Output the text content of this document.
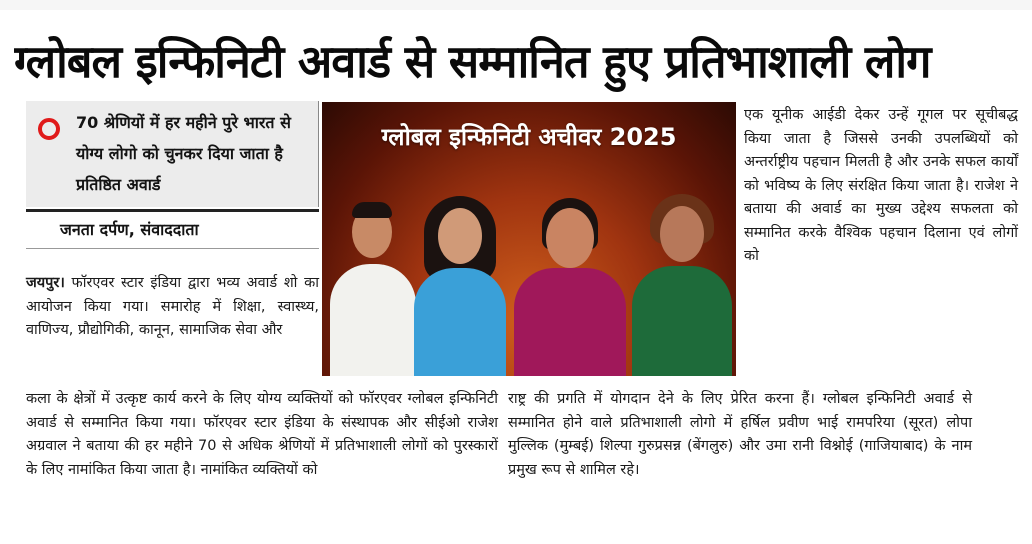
ग्लोबल इन्फिनिटी अवार्ड से सम्मानित हुए प्रतिभाशाली लोग
70 श्रेणियों में हर महीने पुरे भारत से योग्य लोगो को चुनकर दिया जाता है प्रतिष्ठित अवार्ड
जनता दर्पण, संवाददाता
जयपुर। फॉरएवर स्टार इंडिया द्वारा भव्य अवार्ड शो का आयोजन किया गया। समारोह में शिक्षा, स्वास्थ्य, वाणिज्य, प्रौद्योगिकी, कानून, सामाजिक सेवा और
कला के क्षेत्रों में उत्कृष्ट कार्य करने के लिए योग्य व्यक्तियों को फॉरएवर ग्लोबल इन्फिनिटी अवार्ड से सम्मानित किया गया। फॉरएवर स्टार इंडिया के संस्थापक और सीईओ राजेश अग्रवाल ने बताया की हर महीने 70 से अधिक श्रेणियों में प्रतिभाशाली लोगों को पुरस्कारों के लिए नामांकित किया जाता है। नामांकित व्यक्तियों को
ग्लोबल इन्फिनिटी अचीवर 2025
एक यूनीक आईडी देकर उन्हें गूगल पर सूचीबद्ध किया जाता है जिससे उनकी उपलब्धियों को अन्तर्राष्ट्रीय पहचान मिलती है और उनके सफल कार्यों को भविष्य के लिए संरक्षित किया जाता है। राजेश ने बताया की अवार्ड का मुख्य उद्देश्य सफलता को सम्मानित करके वैश्विक पहचान दिलाना एवं लोगों को
राष्ट्र की प्रगति में योगदान देने के लिए प्रेरित करना हैं। ग्लोबल इन्फिनिटी अवार्ड से सम्मानित होने वाले प्रतिभाशाली लोगो में हर्षिल प्रवीण भाई रामपरिया (सूरत) लोपा मुल्लिक (मुम्बई) शिल्पा गुरुप्रसन्न (बेंगलुरु) और उमा रानी विश्नोई (गाजियाबाद) के नाम प्रमुख रूप से शामिल रहे।
